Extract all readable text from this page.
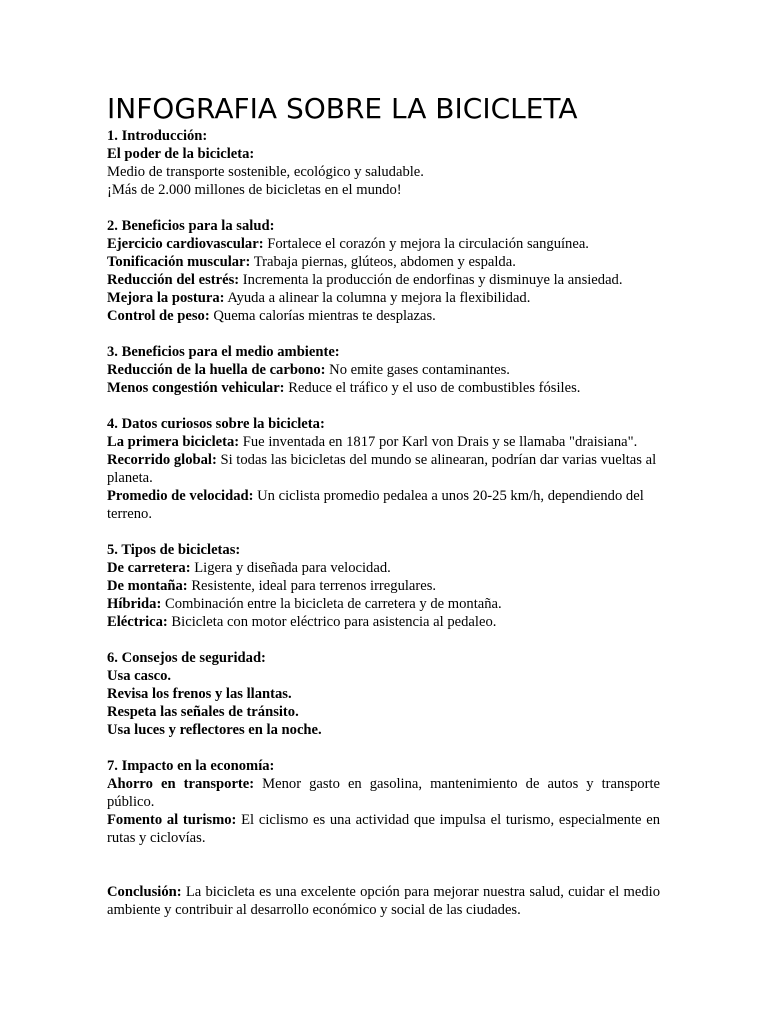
INFOGRAFIA SOBRE LA BICICLETA

1. Introducción:

El poder de la bicicleta:

Medio de transporte sostenible, ecológico y saludable.

¡Más de 2.000 millones de bicicletas en el mundo!

2. Beneficios para la salud:

Ejercicio cardiovascular: Fortalece el corazón y mejora la circulación sanguínea.

Tonificación muscular: Trabaja piernas, glúteos, abdomen y espalda.

Reducción del estrés: Incrementa la producción de endorfinas y disminuye la ansiedad.

Mejora la postura: Ayuda a alinear la columna y mejora la flexibilidad.

Control de peso: Quema calorías mientras te desplazas.

3. Beneficios para el medio ambiente:

Reducción de la huella de carbono: No emite gases contaminantes.

Menos congestión vehicular: Reduce el tráfico y el uso de combustibles fósiles.

4. Datos curiosos sobre la bicicleta:

La primera bicicleta: Fue inventada en 1817 por Karl von Drais y se llamaba "draisiana".

Recorrido global: Si todas las bicicletas del mundo se alinearan, podrían dar varias vueltas al planeta.

Promedio de velocidad: Un ciclista promedio pedalea a unos 20-25 km/h, dependiendo del terreno.

5. Tipos de bicicletas:

De carretera: Ligera y diseñada para velocidad.

De montaña: Resistente, ideal para terrenos irregulares.

Híbrida: Combinación entre la bicicleta de carretera y de montaña.

Eléctrica: Bicicleta con motor eléctrico para asistencia al pedaleo.

6. Consejos de seguridad:

Usa casco.

Revisa los frenos y las llantas.

Respeta las señales de tránsito.

Usa luces y reflectores en la noche.

7. Impacto en la economía:

Ahorro en transporte: Menor gasto en gasolina, mantenimiento de autos y transporte público.

Fomento al turismo: El ciclismo es una actividad que impulsa el turismo, especialmente en rutas y ciclovías.

Conclusión: La bicicleta es una excelente opción para mejorar nuestra salud, cuidar el medio ambiente y contribuir al desarrollo económico y social de las ciudades.
